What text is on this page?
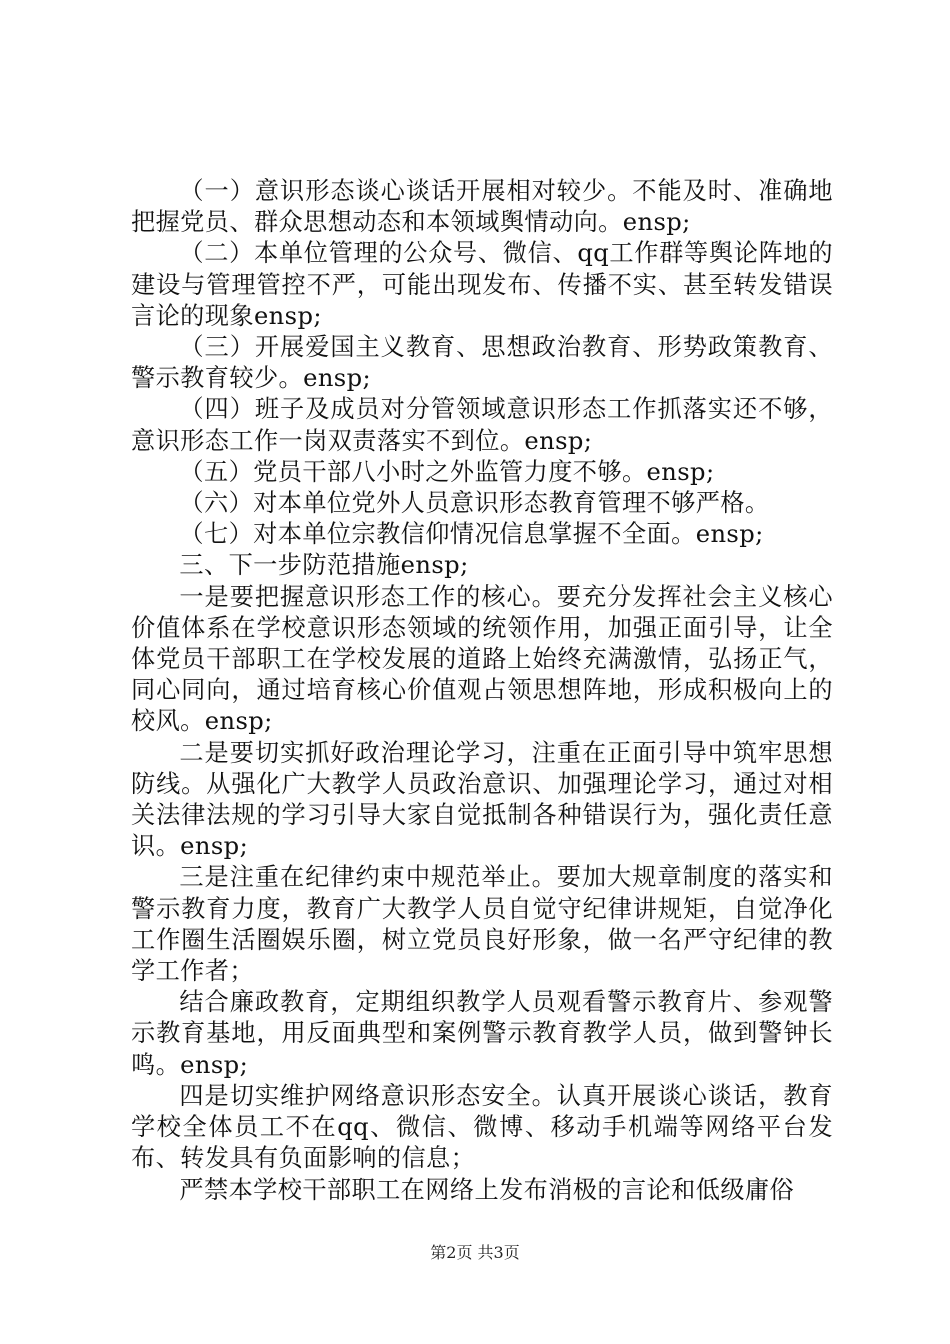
（一）意识形态谈心谈话开展相对较少。不能及时、准确地把握党员、群众思想动态和本领域舆情动向。ensp;

（二）本单位管理的公众号、微信、qq工作群等舆论阵地的建设与管理管控不严，可能出现发布、传播不实、甚至转发错误言论的现象ensp;

（三）开展爱国主义教育、思想政治教育、形势政策教育、警示教育较少。ensp;

（四）班子及成员对分管领域意识形态工作抓落实还不够，意识形态工作一岗双责落实不到位。ensp;

（五）党员干部八小时之外监管力度不够。ensp;

（六）对本单位党外人员意识形态教育管理不够严格。

（七）对本单位宗教信仰情况信息掌握不全面。ensp;

三、下一步防范措施ensp;

一是要把握意识形态工作的核心。要充分发挥社会主义核心价值体系在学校意识形态领域的统领作用，加强正面引导，让全体党员干部职工在学校发展的道路上始终充满激情，弘扬正气，同心同向，通过培育核心价值观占领思想阵地，形成积极向上的校风。ensp;

二是要切实抓好政治理论学习，注重在正面引导中筑牢思想防线。从强化广大教学人员政治意识、加强理论学习，通过对相关法律法规的学习引导大家自觉抵制各种错误行为，强化责任意识。ensp;

三是注重在纪律约束中规范举止。要加大规章制度的落实和警示教育力度，教育广大教学人员自觉守纪律讲规矩，自觉净化工作圈生活圈娱乐圈，树立党员良好形象，做一名严守纪律的教学工作者；

结合廉政教育，定期组织教学人员观看警示教育片、参观警示教育基地，用反面典型和案例警示教育教学人员，做到警钟长鸣。ensp;

四是切实维护网络意识形态安全。认真开展谈心谈话，教育学校全体员工不在qq、微信、微博、移动手机端等网络平台发布、转发具有负面影响的信息；

严禁本学校干部职工在网络上发布消极的言论和低级庸俗

第2页 共3页
